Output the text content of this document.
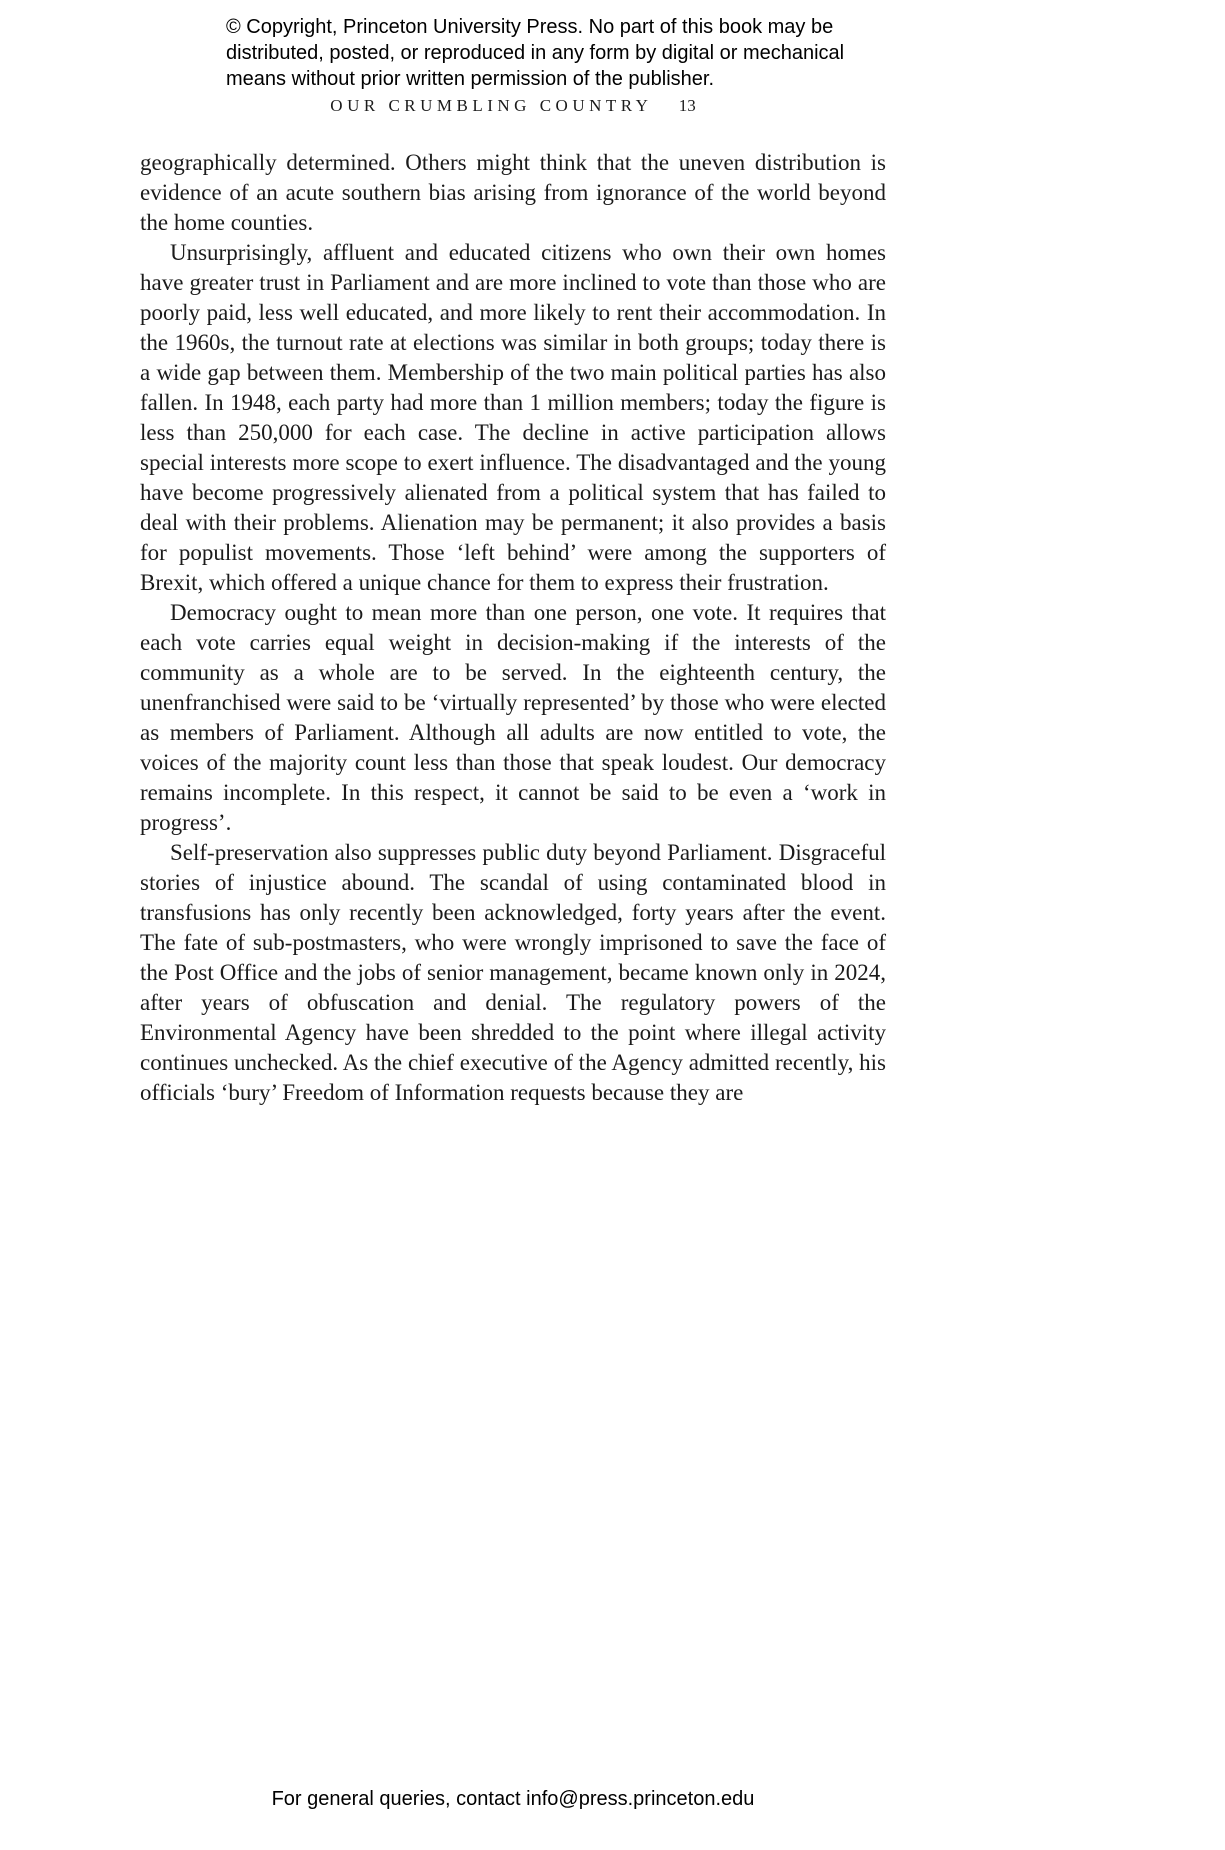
© Copyright, Princeton University Press. No part of this book may be
distributed, posted, or reproduced in any form by digital or mechanical
means without prior written permission of the publisher.
OUR CRUMBLING COUNTRY 13

geographically determined. Others might think that the uneven distribution is evidence of an acute southern bias arising from ignorance of the world beyond the home counties.

Unsurprisingly, affluent and educated citizens who own their own homes have greater trust in Parliament and are more inclined to vote than those who are poorly paid, less well educated, and more likely to rent their accommodation. In the 1960s, the turnout rate at elections was similar in both groups; today there is a wide gap between them. Membership of the two main political parties has also fallen. In 1948, each party had more than 1 million members; today the figure is less than 250,000 for each case. The decline in active participation allows special interests more scope to exert influence. The disadvantaged and the young have become progressively alienated from a political system that has failed to deal with their problems. Alienation may be permanent; it also provides a basis for populist movements. Those ‘left behind’ were among the supporters of Brexit, which offered a unique chance for them to express their frustration.

Democracy ought to mean more than one person, one vote. It requires that each vote carries equal weight in decision-making if the interests of the community as a whole are to be served. In the eighteenth century, the unenfranchised were said to be ‘virtually represented’ by those who were elected as members of Parliament. Although all adults are now entitled to vote, the voices of the majority count less than those that speak loudest. Our democracy remains incomplete. In this respect, it cannot be said to be even a ‘work in progress’.

Self-preservation also suppresses public duty beyond Parliament. Disgraceful stories of injustice abound. The scandal of using contaminated blood in transfusions has only recently been acknowledged, forty years after the event. The fate of sub-postmasters, who were wrongly imprisoned to save the face of the Post Office and the jobs of senior management, became known only in 2024, after years of obfuscation and denial. The regulatory powers of the Environmental Agency have been shredded to the point where illegal activity continues unchecked. As the chief executive of the Agency admitted recently, his officials ‘bury’ Freedom of Information requests because they are

For general queries, contact info@press.princeton.edu
